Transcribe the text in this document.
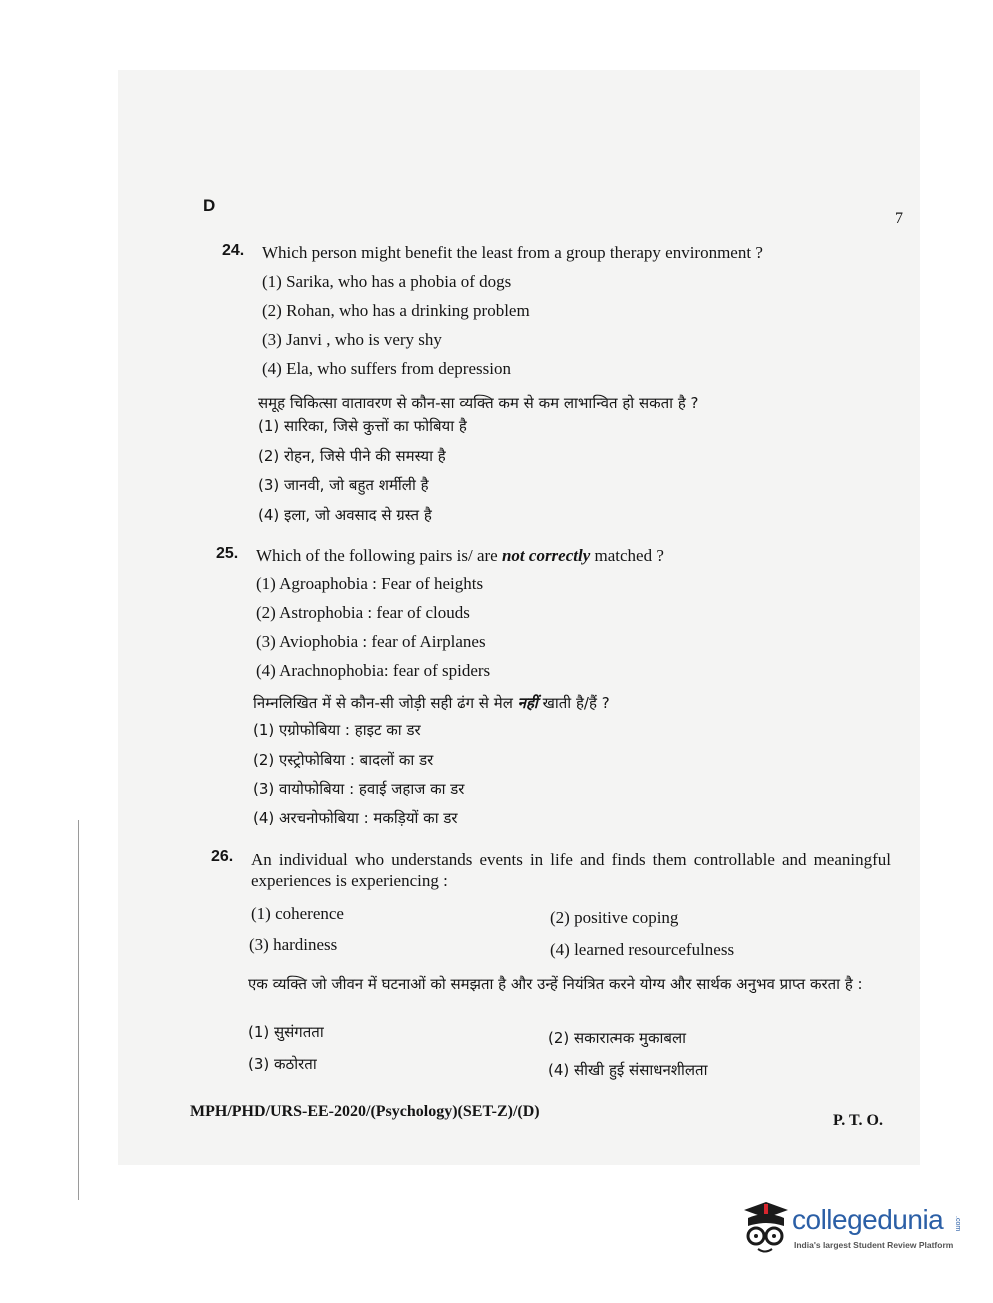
D
7
24. Which person might benefit the least from a group therapy environment ?
(1) Sarika, who has a phobia of dogs
(2) Rohan, who has a drinking problem
(3) Janvi , who is very shy
(4) Ela, who suffers from depression
समूह चिकित्सा वातावरण से कौन-सा व्यक्ति कम से कम लाभान्वित हो सकता है ?
(1) सारिका, जिसे कुत्तों का फोबिया है
(2) रोहन, जिसे पीने की समस्या है
(3) जानवी, जो बहुत शर्मीली है
(4) इला, जो अवसाद से ग्रस्त है
25. Which of the following pairs is/ are not correctly matched ?
(1) Agroaphobia : Fear of heights
(2) Astrophobia : fear of clouds
(3) Aviophobia : fear of Airplanes
(4) Arachnophobia: fear of spiders
निम्नलिखित में से कौन-सी जोड़ी सही ढंग से मेल नहीं खाती है/हैं ?
(1) एग्रोफोबिया : हाइट का डर
(2) एस्ट्रोफोबिया : बादलों का डर
(3) वायोफोबिया : हवाई जहाज का डर
(4) अरचनोफोबिया : मकड़ियों का डर
26. An individual who understands events in life and finds them controllable and meaningful experiences is experiencing :
(1) coherence	(2) positive coping
(3) hardiness	(4) learned resourcefulness
एक व्यक्ति जो जीवन में घटनाओं को समझता है और उन्हें नियंत्रित करने योग्य और सार्थक अनुभव प्राप्त करता है :
(1) सुसंगतता	(2) सकारात्मक मुकाबला
(3) कठोरता	(4) सीखी हुई संसाधनशीलता
MPH/PHD/URS-EE-2020/(Psychology)(SET-Z)/(D)
P. T. O.
collegedunia .com
India's largest Student Review Platform
